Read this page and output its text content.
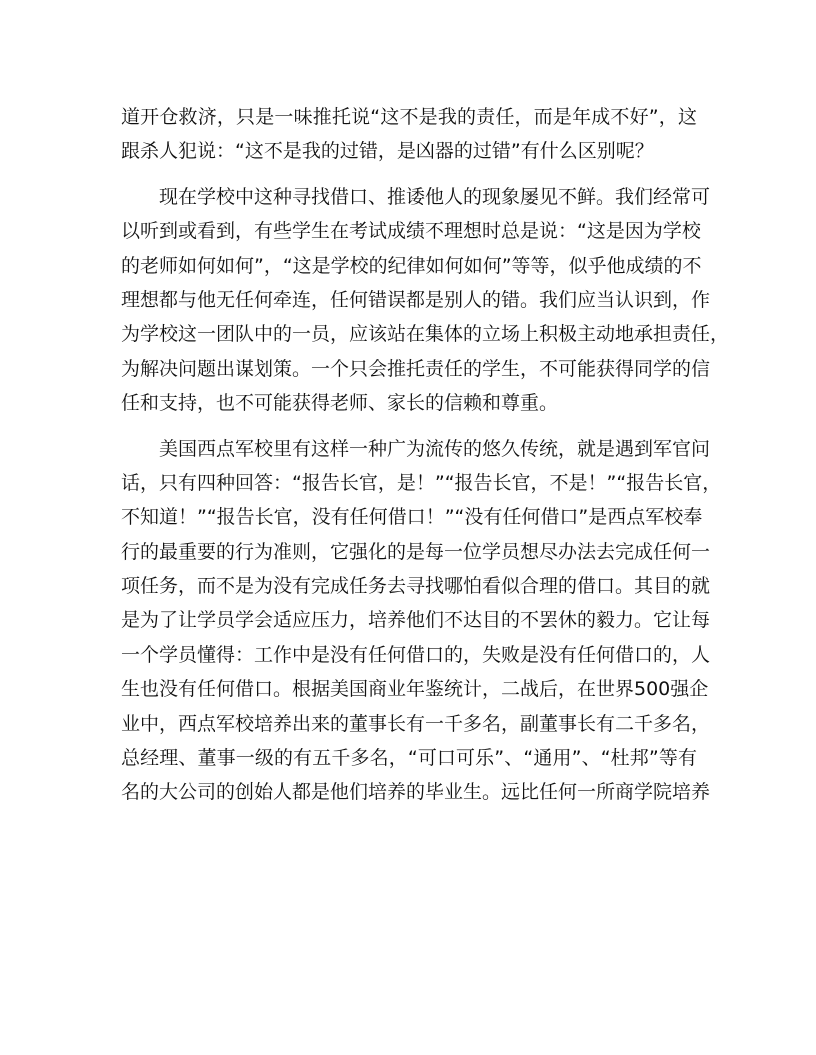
道开仓救济，只是一味推托说“这不是我的责任，而是年成不好”，这
跟杀人犯说：“这不是我的过错，是凶器的过错”有什么区别呢？
现在学校中这种寻找借口、推诿他人的现象屡见不鲜。我们经常可
以听到或看到，有些学生在考试成绩不理想时总是说：“这是因为学校
的老师如何如何”，“这是学校的纪律如何如何”等等，似乎他成绩的不
理想都与他无任何牵连，任何错误都是别人的错。我们应当认识到，作
为学校这一团队中的一员，应该站在集体的立场上积极主动地承担责任，
为解决问题出谋划策。一个只会推托责任的学生，不可能获得同学的信
任和支持，也不可能获得老师、家长的信赖和尊重。
美国西点军校里有这样一种广为流传的悠久传统，就是遇到军官问
话，只有四种回答：“报告长官，是！”“报告长官，不是！”“报告长官，
不知道！”“报告长官，没有任何借口！”“没有任何借口”是西点军校奉
行的最重要的行为准则，它强化的是每一位学员想尽办法去完成任何一
项任务，而不是为没有完成任务去寻找哪怕看似合理的借口。其目的就
是为了让学员学会适应压力，培养他们不达目的不罢休的毅力。它让每
一个学员懂得：工作中是没有任何借口的，失败是没有任何借口的，人
生也没有任何借口。根据美国商业年鉴统计，二战后，在世界500强企
业中，西点军校培养出来的董事长有一千多名，副董事长有二千多名，
总经理、董事一级的有五千多名，“可口可乐”、“通用”、“杜邦”等有
名的大公司的创始人都是他们培养的毕业生。远比任何一所商学院培养
